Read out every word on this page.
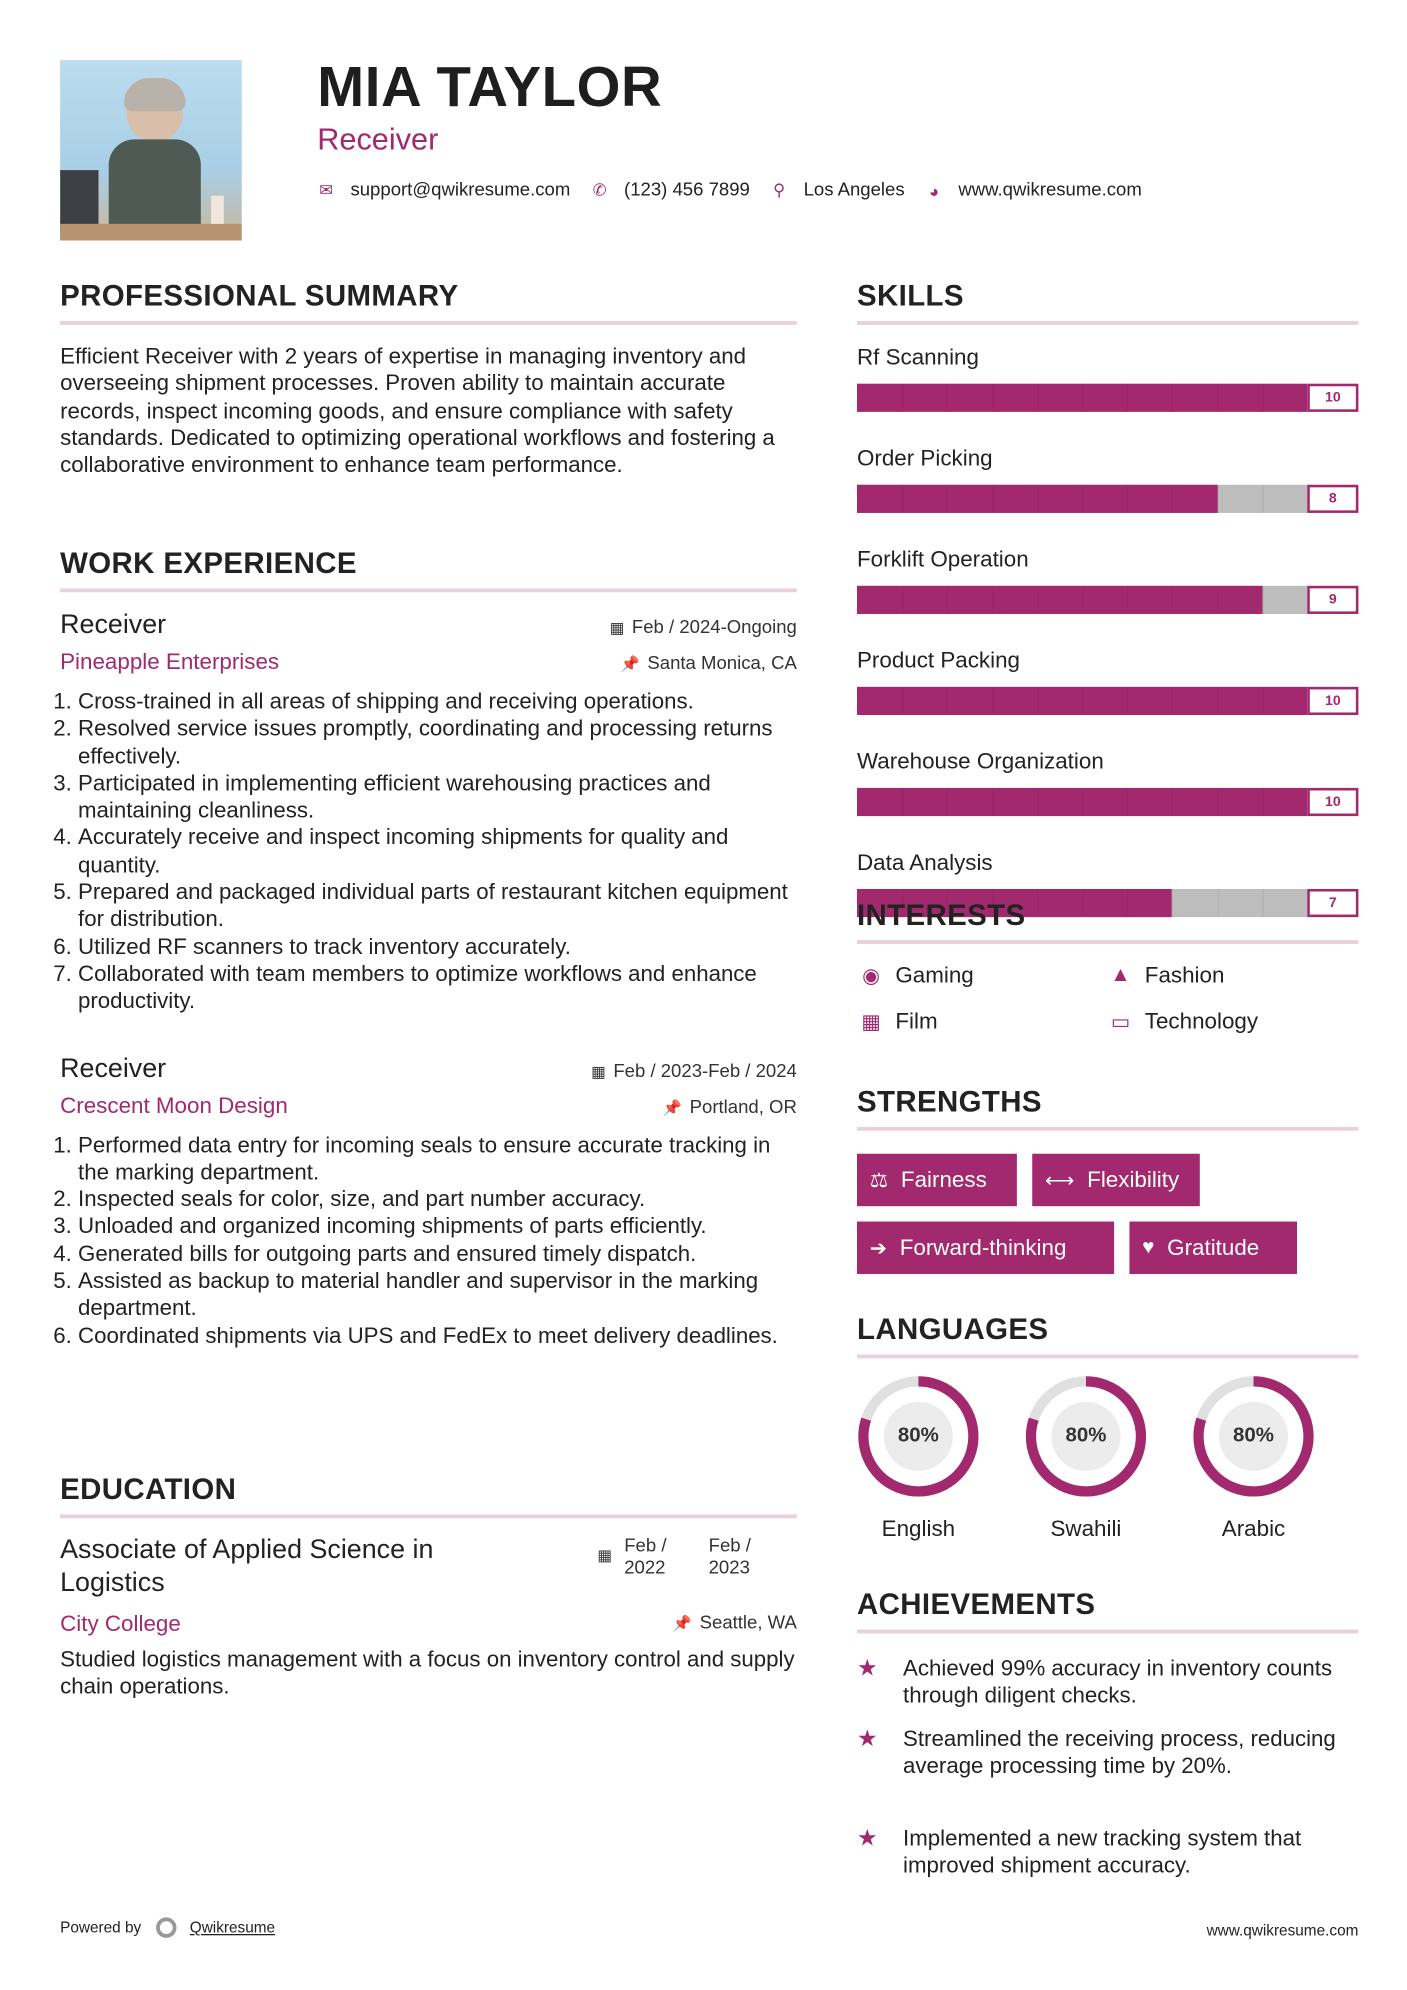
MIA TAYLOR
Receiver
✉ support@qwikresume.com ✆ (123) 456 7899 ⚲ Los Angeles	◕ www.qwikresume.com
PROFESSIONAL SUMMARY
Efficient Receiver with 2 years of expertise in managing inventory and overseeing shipment processes. Proven ability to maintain accurate records, inspect incoming goods, and ensure compliance with safety standards. Dedicated to optimizing operational workflows and fostering a collaborative environment to enhance team performance.
WORK EXPERIENCE
Receiver	▦ Feb / 2024-Ongoing
Pineapple Enterprises	📌 Santa Monica, CA
1. Cross-trained in all areas of shipping and receiving operations.
2. Resolved service issues promptly, coordinating and processing returns effectively.
3. Participated in implementing efficient warehousing practices and maintaining cleanliness.
4. Accurately receive and inspect incoming shipments for quality and quantity.
5. Prepared and packaged individual parts of restaurant kitchen equipment for distribution.
6. Utilized RF scanners to track inventory accurately.
7. Collaborated with team members to optimize workflows and enhance productivity.
Receiver	▦ Feb / 2023-Feb / 2024
Crescent Moon Design	📌 Portland, OR
1. Performed data entry for incoming seals to ensure accurate tracking in the marking department.
2. Inspected seals for color, size, and part number accuracy.
3. Unloaded and organized incoming shipments of parts efficiently.
4. Generated bills for outgoing parts and ensured timely dispatch.
5. Assisted as backup to material handler and supervisor in the marking department.
6. Coordinated shipments via UPS and FedEx to meet delivery deadlines.
EDUCATION
Associate of Applied Science in Logistics
▦ Feb / 2022
Feb / 2023
City College	📌 Seattle, WA
Studied logistics management with a focus on inventory control and supply chain operations.
SKILLS
Rf Scanning
10
Order Picking
8
Forklift Operation
9
Product Packing
10
Warehouse Organization
10
Data Analysis
7
INTERESTS
◉ Gaming	▲ Fashion
▦ Film	▭ Technology
STRENGTHS
⚖ Fairness	⟷ Flexibility
➔ Forward-thinking	♥ Gratitude
LANGUAGES
80%
English
80%
Swahili
80%
Arabic
ACHIEVEMENTS
★	Achieved 99% accuracy in inventory counts through diligent checks.
★	Streamlined the receiving process, reducing average processing time by 20%.
★	Implemented a new tracking system that improved shipment accuracy.
Powered by	Qwikresume	www.qwikresume.com
